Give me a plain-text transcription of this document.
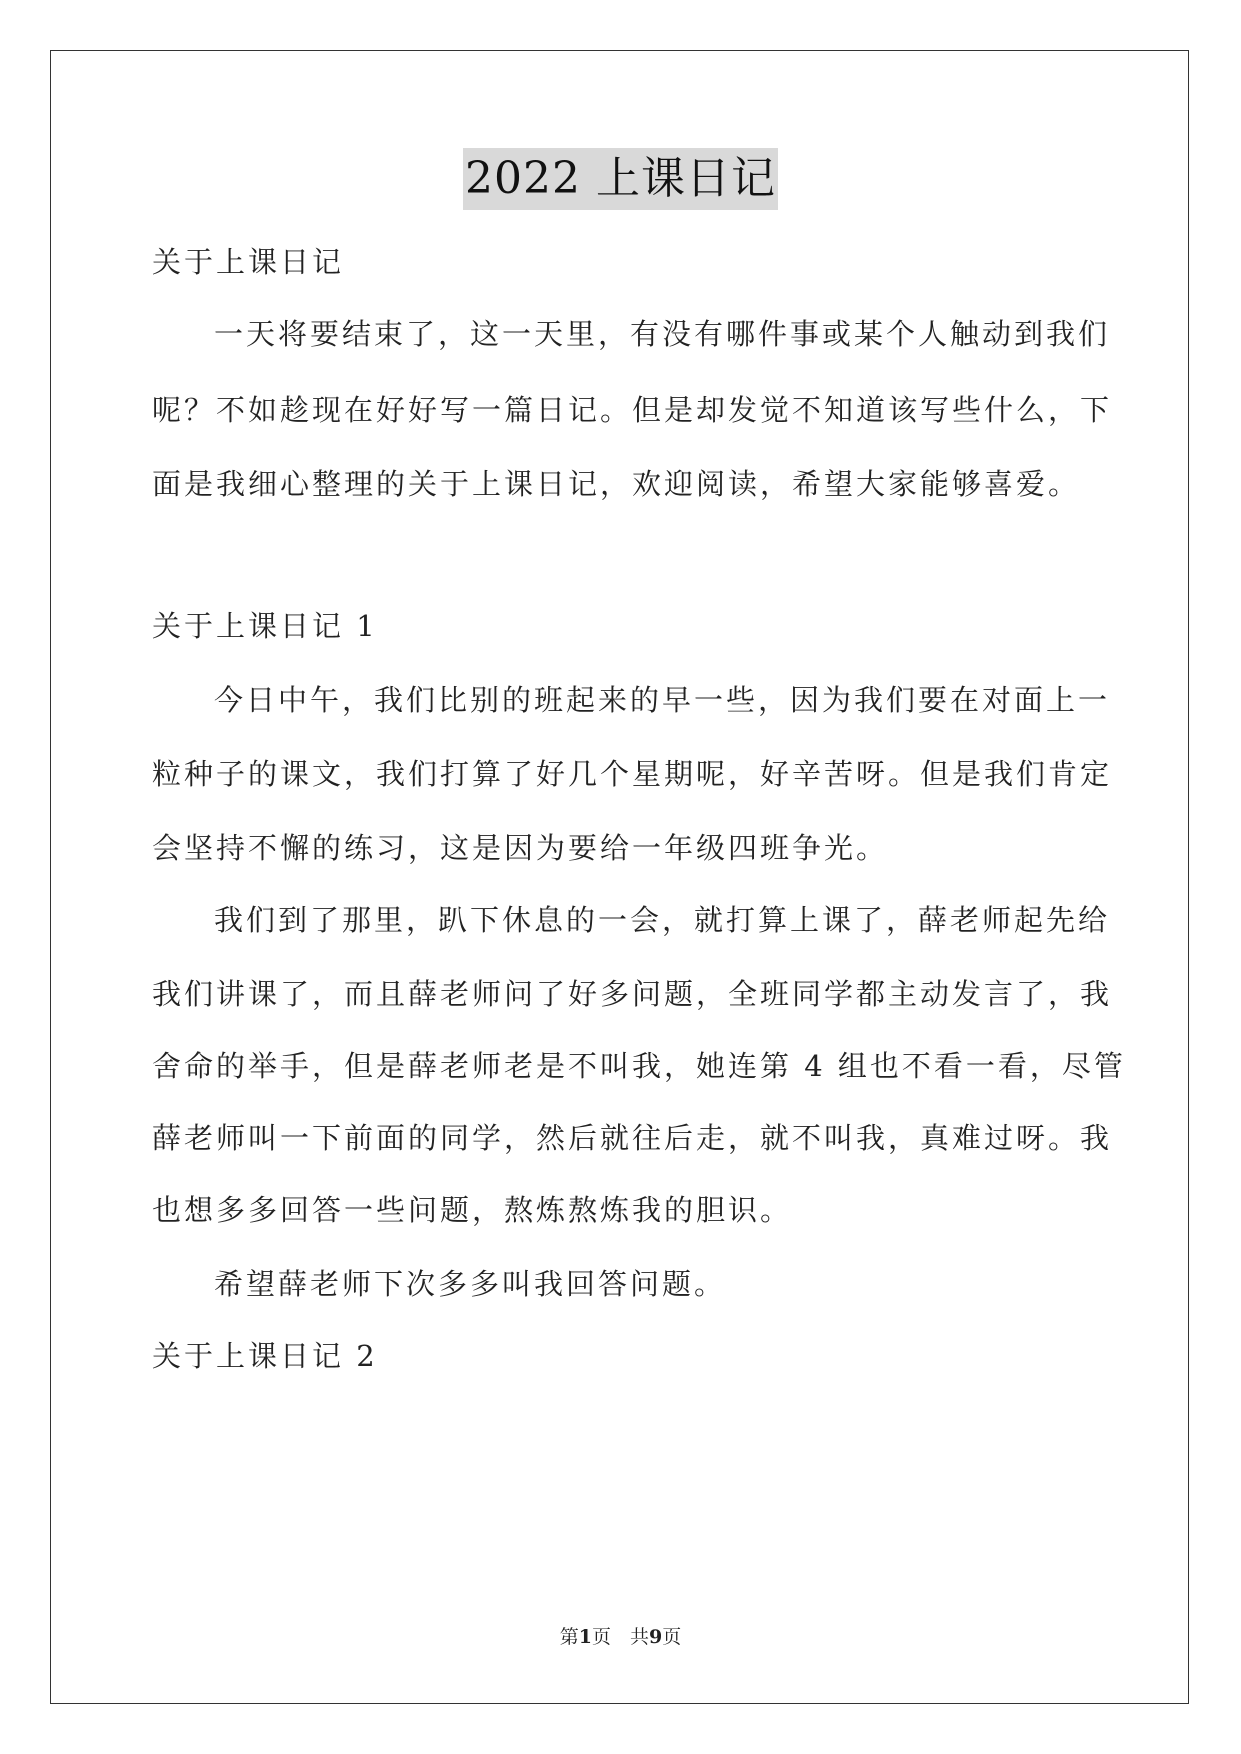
2022 上课日记
关于上课日记
一天将要结束了，这一天里，有没有哪件事或某个人触动到我们
呢？不如趁现在好好写一篇日记。但是却发觉不知道该写些什么，下
面是我细心整理的关于上课日记，欢迎阅读，希望大家能够喜爱。
关于上课日记 1
今日中午，我们比别的班起来的早一些，因为我们要在对面上一
粒种子的课文，我们打算了好几个星期呢，好辛苦呀。但是我们肯定
会坚持不懈的练习，这是因为要给一年级四班争光。
我们到了那里，趴下休息的一会，就打算上课了，薛老师起先给
我们讲课了，而且薛老师问了好多问题，全班同学都主动发言了，我
舍命的举手，但是薛老师老是不叫我，她连第 4 组也不看一看，尽管
薛老师叫一下前面的同学，然后就往后走，就不叫我，真难过呀。我
也想多多回答一些问题，熬炼熬炼我的胆识。
希望薛老师下次多多叫我回答问题。
关于上课日记 2
第1页　共9页
